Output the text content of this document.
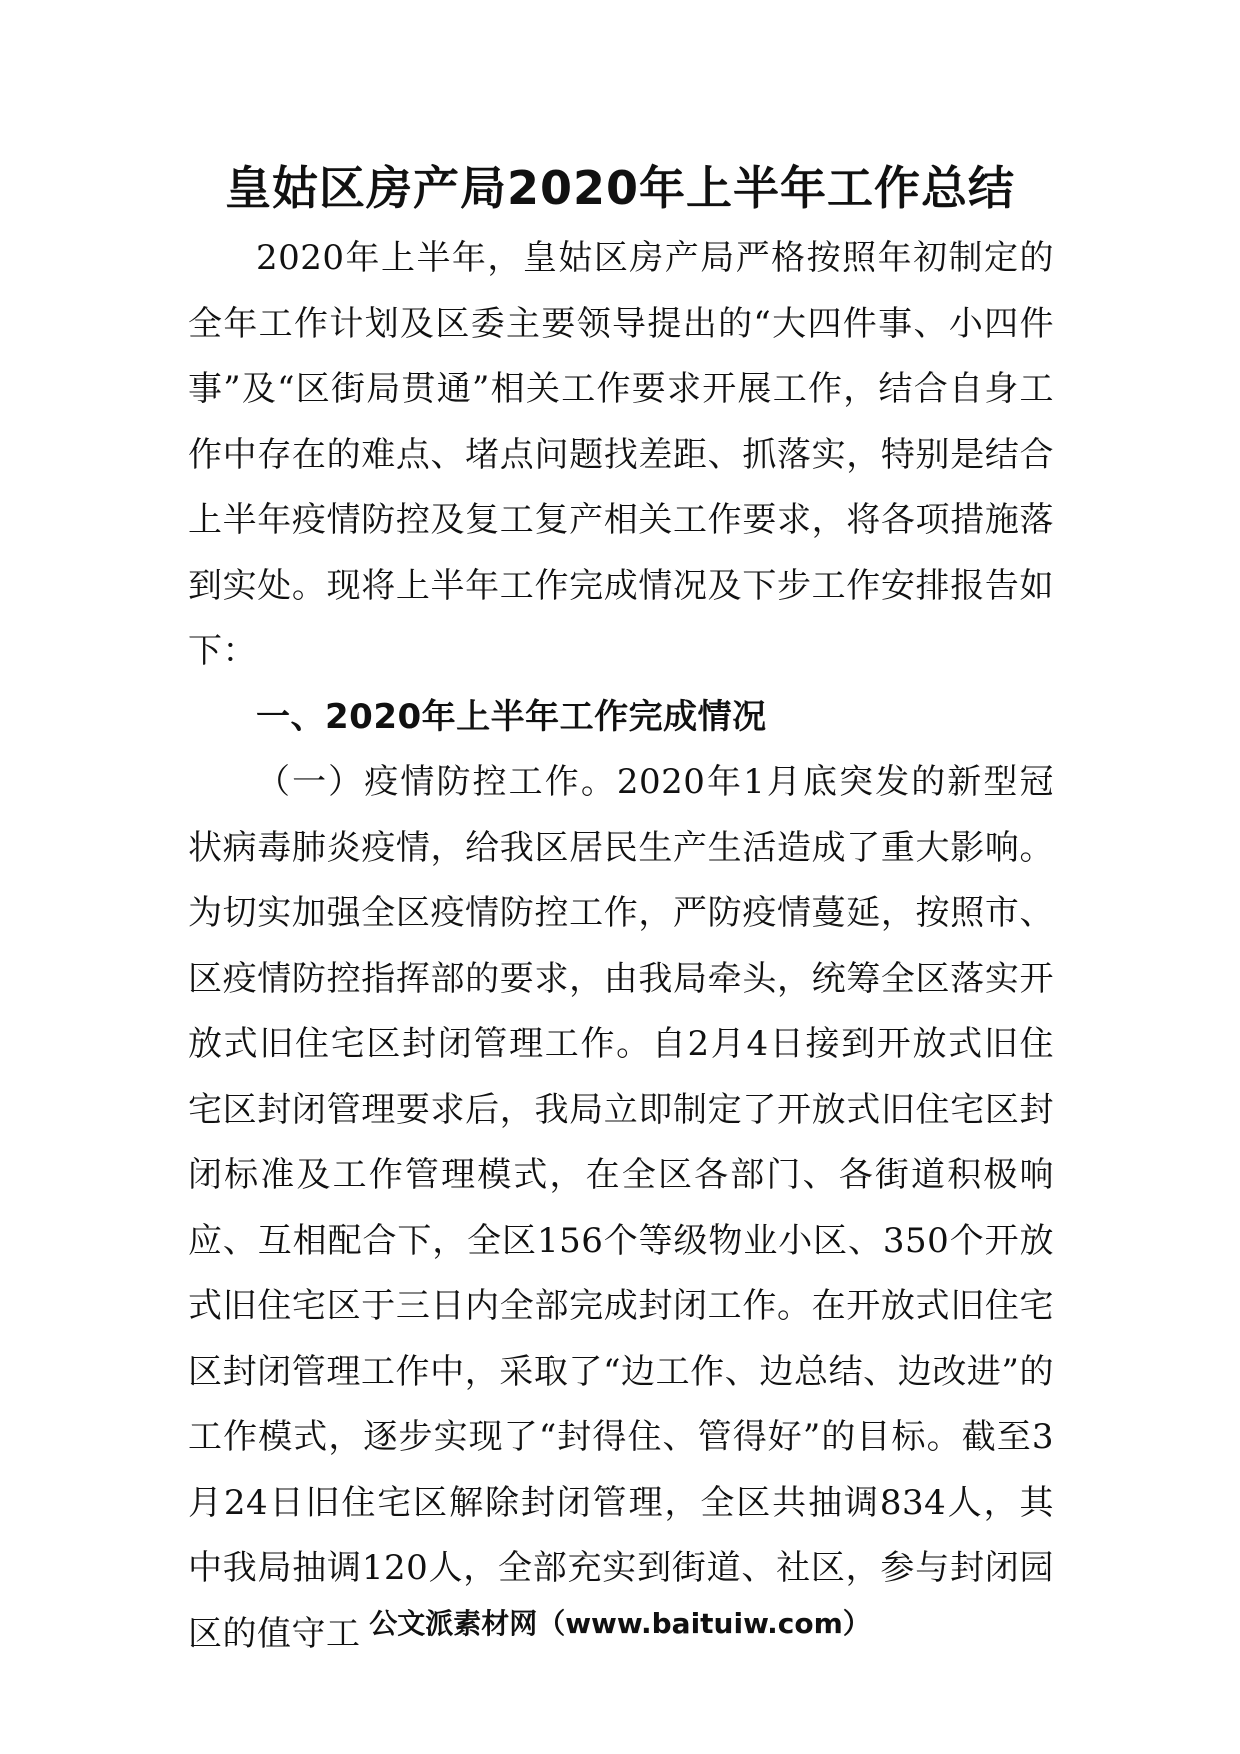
皇姑区房产局2020年上半年工作总结

2020年上半年，皇姑区房产局严格按照年初制定的全年工作计划及区委主要领导提出的“大四件事、小四件事”及“区街局贯通”相关工作要求开展工作，结合自身工作中存在的难点、堵点问题找差距、抓落实，特别是结合上半年疫情防控及复工复产相关工作要求，将各项措施落到实处。现将上半年工作完成情况及下步工作安排报告如下：

一、2020年上半年工作完成情况

（一）疫情防控工作。2020年1月底突发的新型冠状病毒肺炎疫情，给我区居民生产生活造成了重大影响。为切实加强全区疫情防控工作，严防疫情蔓延，按照市、区疫情防控指挥部的要求，由我局牵头，统筹全区落实开放式旧住宅区封闭管理工作。自2月4日接到开放式旧住宅区封闭管理要求后，我局立即制定了开放式旧住宅区封闭标准及工作管理模式，在全区各部门、各街道积极响应、互相配合下，全区156个等级物业小区、350个开放式旧住宅区于三日内全部完成封闭工作。在开放式旧住宅区封闭管理工作中，采取了“边工作、边总结、边改进”的工作模式，逐步实现了“封得住、管得好”的目标。截至3月24日旧住宅区解除封闭管理，全区共抽调834人，其中我局抽调120人，全部充实到街道、社区，参与封闭园区的值守工 公文派素材网（www.baituiw.com）
